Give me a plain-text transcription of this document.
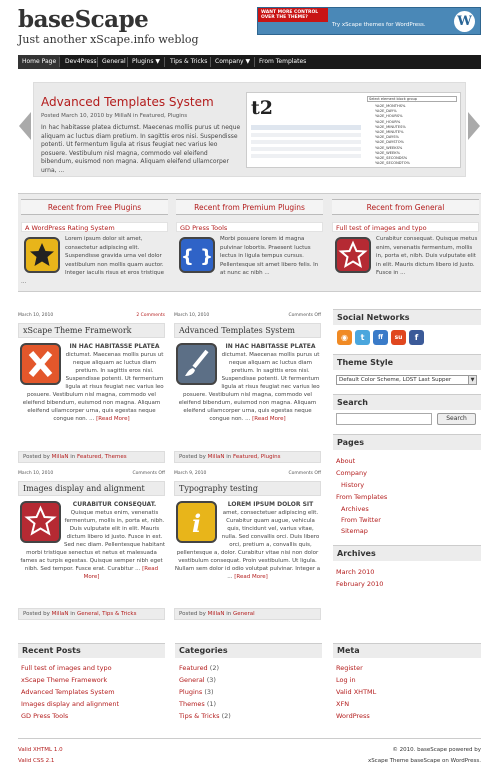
baseScape
Just another xScape.info weblog
WANT MORE CONTROL OVER THE THEME?
Try xScape themes for WordPress. W
Home Page	Dev4Press General	Plugins ▼	Tips & Tricks	Company ▼	From Templates
Advanced Templates System
Posted March 10, 2010 by MillaN in Featured, Plugins
In hac habitasse platea dictumst. Maecenas mollis purus ut neque aliquam ac luctus diam pretium. In sagittis eros nisi. Suspendisse potenti. Ut fermentum ligula at risus feugiat nec varius leo posuere. Vestibulum nisl magna, commodo vel eleifend bibendum, euismod non magna. Aliquam eleifend ullamcorper urna, ...
t2	Select element block group
%t2E_MONTHS%
%t2E_DAY%
%t2E_HOURS%
%t2E_HOUR%
%t2E_MINUTES%
%t2E_MINUTE%
%t2E_DAYS%
%t2E_DAYSTO%
%t2E_WEEKS%
%t2E_WEEK%
%t2E_SECONDS%
%t2E_SECONDTO%
Recent from Free Plugins
A WordPress Rating System
Lorem ipsum dolor sit amet, consectetur adipiscing elit. Suspendisse gravida urna vel dolor vestibulum non mollis quam auctor. Integer iaculis risus et eros tristique ...
Recent from Premium Plugins
GD Press Tools
{ }
Morbi posuere lorem id magna pulvinar lobortis. Praesent luctus lectus in ligula tempus cursus. Pellentesque sit amet libero felis. In at nunc ac nibh ...
Recent from General
Full test of images and typo
Curabitur consequat. Quisque metus enim, venenatis fermentum, mollis in, porta et, nibh. Duis vulputate elit in elit. Mauris dictum libero id justo. Fusce in ...
March 10, 2010	2 Comments
xScape Theme Framework
IN HAC HABITASSE PLATEA dictumst. Maecenas mollis purus ut neque aliquam ac luctus diam pretium. In sagittis eros nisi. Suspendisse potenti. Ut fermentum ligula at risus feugiat nec varius leo posuere. Vestibulum nisl magna, commodo vel eleifend bibendum, euismod non magna. Aliquam eleifend ullamcorper urna, quis egestas neque congue non. ... [Read More]
Posted by MillaN in Featured, Themes
March 10, 2010	Comments Off
Advanced Templates System
IN HAC HABITASSE PLATEA dictumst. Maecenas mollis purus ut neque aliquam ac luctus diam pretium. In sagittis eros nisi. Suspendisse potenti. Ut fermentum ligula at risus feugiat nec varius leo posuere. Vestibulum nisl magna, commodo vel eleifend bibendum, euismod non magna. Aliquam eleifend ullamcorper urna, quis egestas neque congue non. ... [Read More]
Posted by MillaN in Featured, Plugins
March 10, 2010	Comments Off
Images display and alignment
CURABITUR CONSEQUAT. Quisque metus enim, venenatis fermentum, mollis in, porta et, nibh. Duis vulputate elit in elit. Mauris dictum libero id justo. Fusce in est. Sed nec diam. Pellentesque habitant morbi tristique senectus et netus et malesuada fames ac turpis egestas. Quisque semper nibh eget nibh. Sed tempor. Fusce erat. Curabitur ... [Read More]
Posted by MillaN in General, Tips & Tricks
March 9, 2010	Comments Off
Typography testing
i
LOREM IPSUM DOLOR SIT amet, consectetuer adipiscing elit. Curabitur quam augue, vehicula quis, tincidunt vel, varius vitae, nulla. Sed convallis orci. Duis libero orci, pretium a, convallis quis, pellentesque a, dolor. Curabitur vitae nisi non dolor vestibulum consequat. Proin vestibulum. Ut ligula. Nullam sem dolor id odio volutpat pulvinar. Integer a ... [Read More]
Posted by MillaN in General
Social Networks
◉	t	ff	su	f
Theme Style
Default Color Scheme, LOST Last Supper	▼
Search
Search
Pages
About
Company
History
From Templates
Archives
From Twitter
Sitemap
Archives
March 2010
February 2010
Recent Posts
Full test of images and typo
xScape Theme Framework
Advanced Templates System
Images display and alignment
GD Press Tools
Categories
Featured (2)
General (3)
Plugins (3)
Themes (1)
Tips & Tricks (2)
Meta
Register
Log in
Valid XHTML
XFN
WordPress
Valid XHTML 1.0
Valid CSS 2.1
© 2010. baseScape powered by
xScape Theme baseScape on WordPress.
